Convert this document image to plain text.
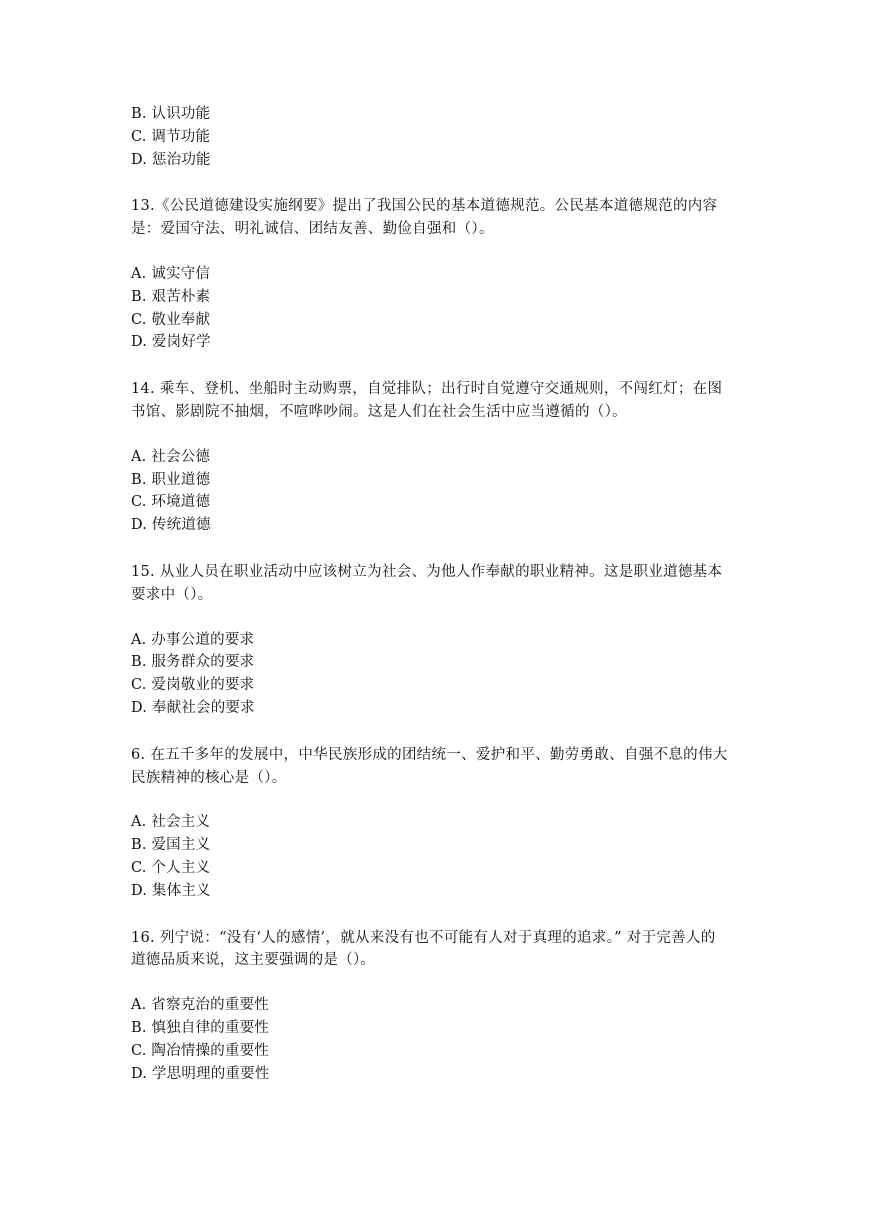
B. 认识功能
C. 调节功能
D. 惩治功能
13.《公民道德建设实施纲要》提出了我国公民的基本道德规范。公民基本道德规范的内容
是：爱国守法、明礼诚信、团结友善、勤俭自强和（）。
A. 诚实守信
B. 艰苦朴素
C. 敬业奉献
D. 爱岗好学
14. 乘车、登机、坐船时主动购票，自觉排队；出行时自觉遵守交通规则，不闯红灯；在图
书馆、影剧院不抽烟，不喧哗吵闹。这是人们在社会生活中应当遵循的（）。
A. 社会公德
B. 职业道德
C. 环境道德
D. 传统道德
15. 从业人员在职业活动中应该树立为社会、为他人作奉献的职业精神。这是职业道德基本
要求中（）。
A. 办事公道的要求
B. 服务群众的要求
C. 爱岗敬业的要求
D. 奉献社会的要求
6. 在五千多年的发展中，中华民族形成的团结统一、爱护和平、勤劳勇敢、自强不息的伟大
民族精神的核心是（）。
A. 社会主义
B. 爱国主义
C. 个人主义
D. 集体主义
16. 列宁说：“没有‘人的感情’，就从来没有也不可能有人对于真理的追求。” 对于完善人的
道德品质来说，这主要强调的是（）。
A. 省察克治的重要性
B. 慎独自律的重要性
C. 陶冶情操的重要性
D. 学思明理的重要性
